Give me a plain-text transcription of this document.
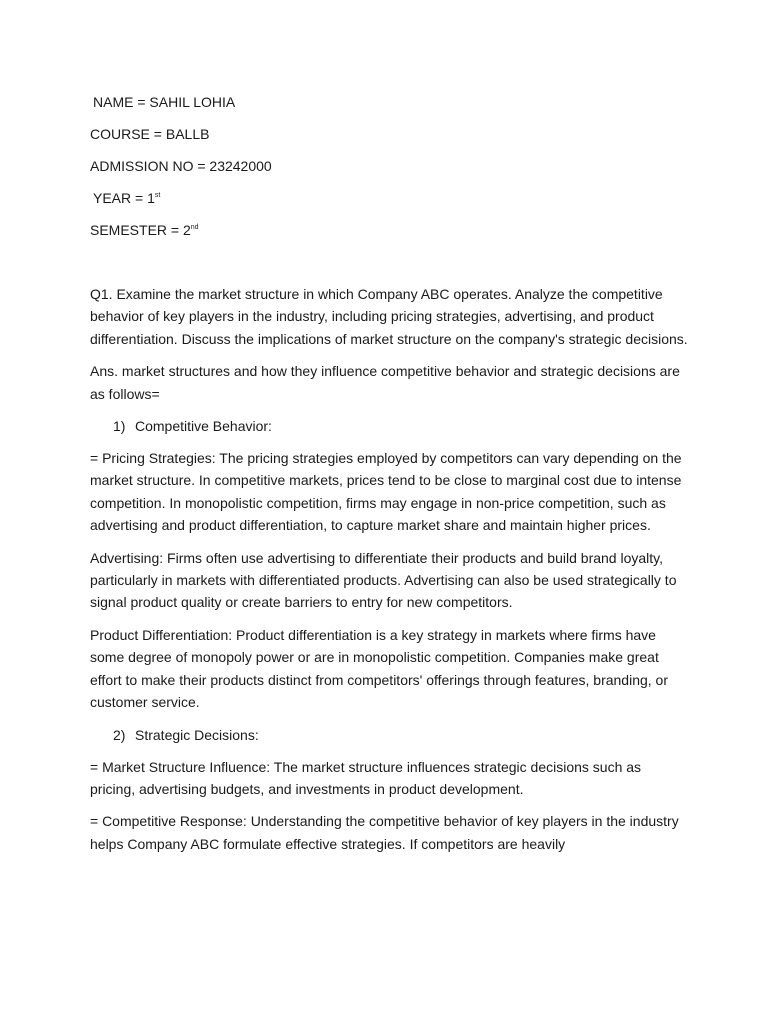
NAME = SAHIL LOHIA
COURSE = BALLB
ADMISSION NO = 23242000
YEAR = 1st
SEMESTER = 2nd

Q1. Examine the market structure in which Company ABC operates. Analyze the competitive behavior of key players in the industry, including pricing strategies, advertising, and product differentiation. Discuss the implications of market structure on the company's strategic decisions.

Ans. market structures and how they influence competitive behavior and strategic decisions are as follows=

1) Competitive Behavior:

= Pricing Strategies: The pricing strategies employed by competitors can vary depending on the market structure. In competitive markets, prices tend to be close to marginal cost due to intense competition. In monopolistic competition, firms may engage in non-price competition, such as advertising and product differentiation, to capture market share and maintain higher prices.

Advertising: Firms often use advertising to differentiate their products and build brand loyalty, particularly in markets with differentiated products. Advertising can also be used strategically to signal product quality or create barriers to entry for new competitors.

Product Differentiation: Product differentiation is a key strategy in markets where firms have some degree of monopoly power or are in monopolistic competition. Companies make great effort to make their products distinct from competitors' offerings through features, branding, or customer service.

2) Strategic Decisions:

= Market Structure Influence: The market structure influences strategic decisions such as pricing, advertising budgets, and investments in product development.

= Competitive Response: Understanding the competitive behavior of key players in the industry helps Company ABC formulate effective strategies. If competitors are heavily
